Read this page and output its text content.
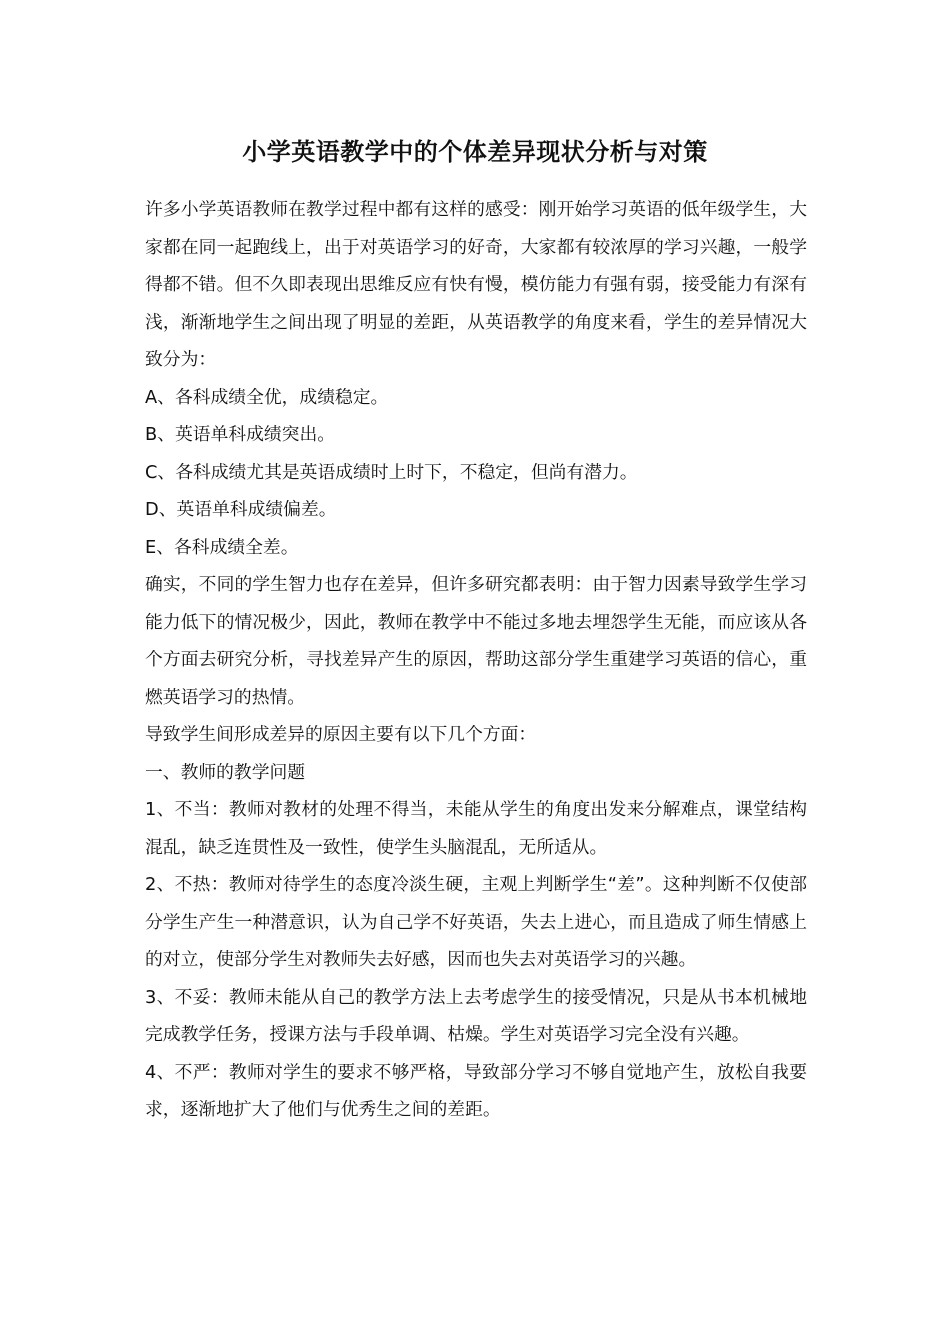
小学英语教学中的个体差异现状分析与对策

许多小学英语教师在教学过程中都有这样的感受：刚开始学习英语的低年级学生，大家都在同一起跑线上，出于对英语学习的好奇，大家都有较浓厚的学习兴趣，一般学得都不错。但不久即表现出思维反应有快有慢，模仿能力有强有弱，接受能力有深有浅，渐渐地学生之间出现了明显的差距，从英语教学的角度来看，学生的差异情况大致分为：

A、各科成绩全优，成绩稳定。

B、英语单科成绩突出。

C、各科成绩尤其是英语成绩时上时下，不稳定，但尚有潜力。

D、英语单科成绩偏差。

E、各科成绩全差。

确实，不同的学生智力也存在差异，但许多研究都表明：由于智力因素导致学生学习能力低下的情况极少，因此，教师在教学中不能过多地去埋怨学生无能，而应该从各个方面去研究分析，寻找差异产生的原因，帮助这部分学生重建学习英语的信心，重燃英语学习的热情。

导致学生间形成差异的原因主要有以下几个方面：

一、教师的教学问题

1、不当：教师对教材的处理不得当，未能从学生的角度出发来分解难点，课堂结构混乱，缺乏连贯性及一致性，使学生头脑混乱，无所适从。

2、不热：教师对待学生的态度冷淡生硬，主观上判断学生“差”。这种判断不仅使部分学生产生一种潜意识，认为自己学不好英语，失去上进心，而且造成了师生情感上的对立，使部分学生对教师失去好感，因而也失去对英语学习的兴趣。

3、不妥：教师未能从自己的教学方法上去考虑学生的接受情况，只是从书本机械地完成教学任务，授课方法与手段单调、枯燥。学生对英语学习完全没有兴趣。

4、不严：教师对学生的要求不够严格，导致部分学习不够自觉地产生，放松自我要求，逐渐地扩大了他们与优秀生之间的差距。
